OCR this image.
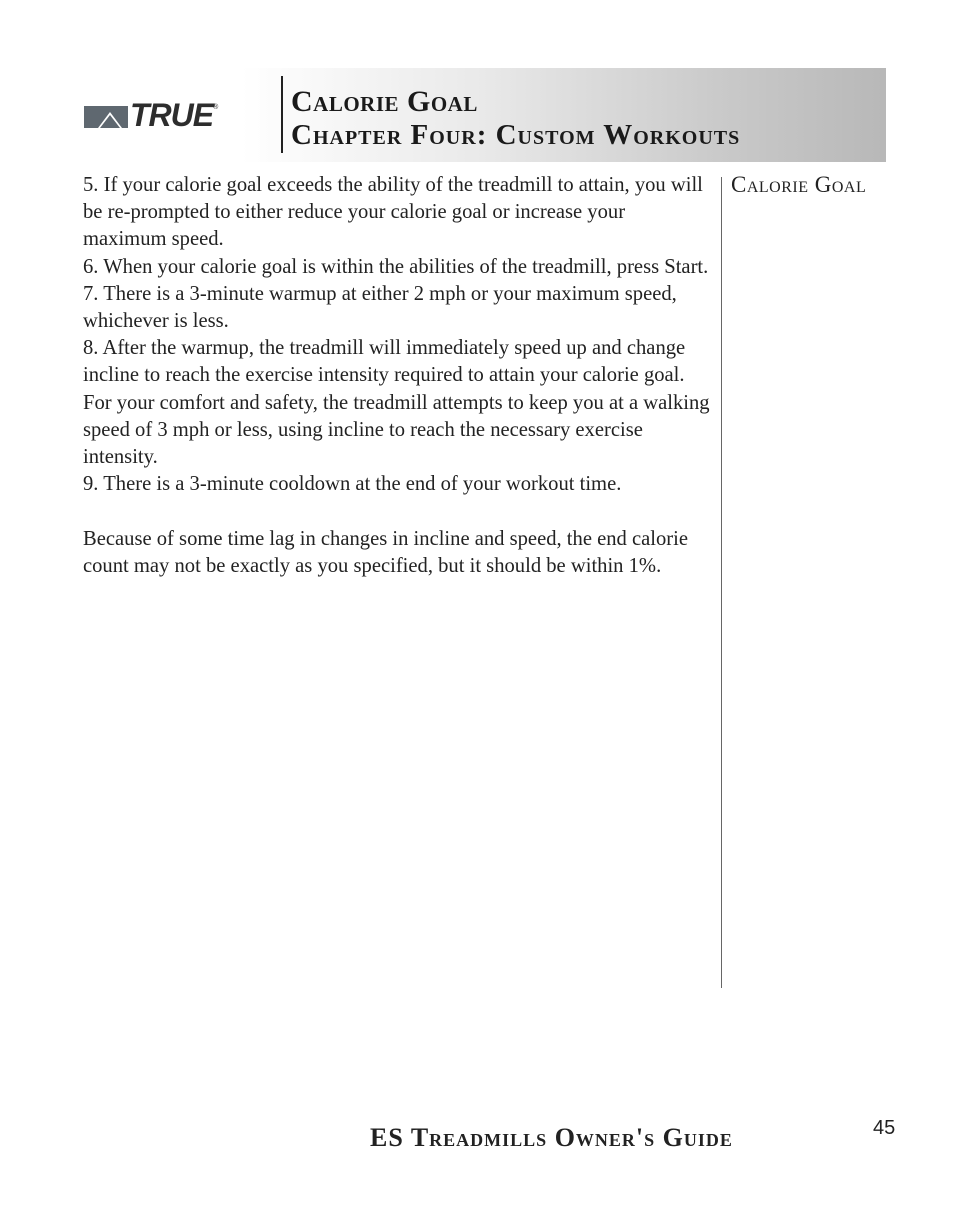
TRUE ® Calorie Goal
Chapter Four: Custom Workouts

5. If your calorie goal exceeds the ability of the treadmill to attain, you will be re-prompted to either reduce your calorie goal or increase your maximum speed.

6. When your calorie goal is within the abilities of the treadmill, press Start.

7. There is a 3-minute warmup at either 2 mph or your maximum speed, whichever is less.

8. After the warmup, the treadmill will immediately speed up and change incline to reach the exercise intensity required to attain your calorie goal. For your comfort and safety, the treadmill attempts to keep you at a walking speed of 3 mph or less, using incline to reach the necessary exercise intensity.

9. There is a 3-minute cooldown at the end of your workout time.

Because of some time lag in changes in incline and speed, the end calorie count may not be exactly as you specified, but it should be within 1%.

Calorie Goal
ES Treadmills Owner's Guide	45
